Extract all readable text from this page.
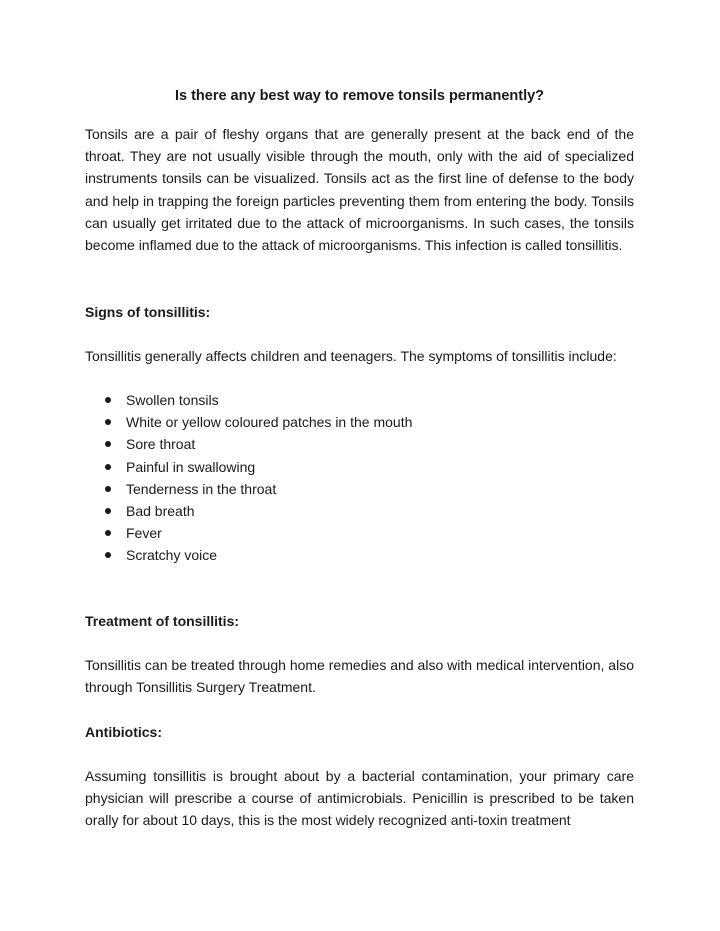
Is there any best way to remove tonsils permanently?

Tonsils are a pair of fleshy organs that are generally present at the back end of the throat. They are not usually visible through the mouth, only with the aid of specialized instruments tonsils can be visualized. Tonsils act as the first line of defense to the body and help in trapping the foreign particles preventing them from entering the body. Tonsils can usually get irritated due to the attack of microorganisms. In such cases, the tonsils become inflamed due to the attack of microorganisms. This infection is called tonsillitis.

Signs of tonsillitis:

Tonsillitis generally affects children and teenagers. The symptoms of tonsillitis include:

Swollen tonsils
White or yellow coloured patches in the mouth
Sore throat
Painful in swallowing
Tenderness in the throat
Bad breath
Fever
Scratchy voice
Treatment of tonsillitis:

Tonsillitis can be treated through home remedies and also with medical intervention, also through Tonsillitis Surgery Treatment.

Antibiotics:

Assuming tonsillitis is brought about by a bacterial contamination, your primary care physician will prescribe a course of antimicrobials. Penicillin is prescribed to be taken orally for about 10 days, this is the most widely recognized anti-toxin treatment
